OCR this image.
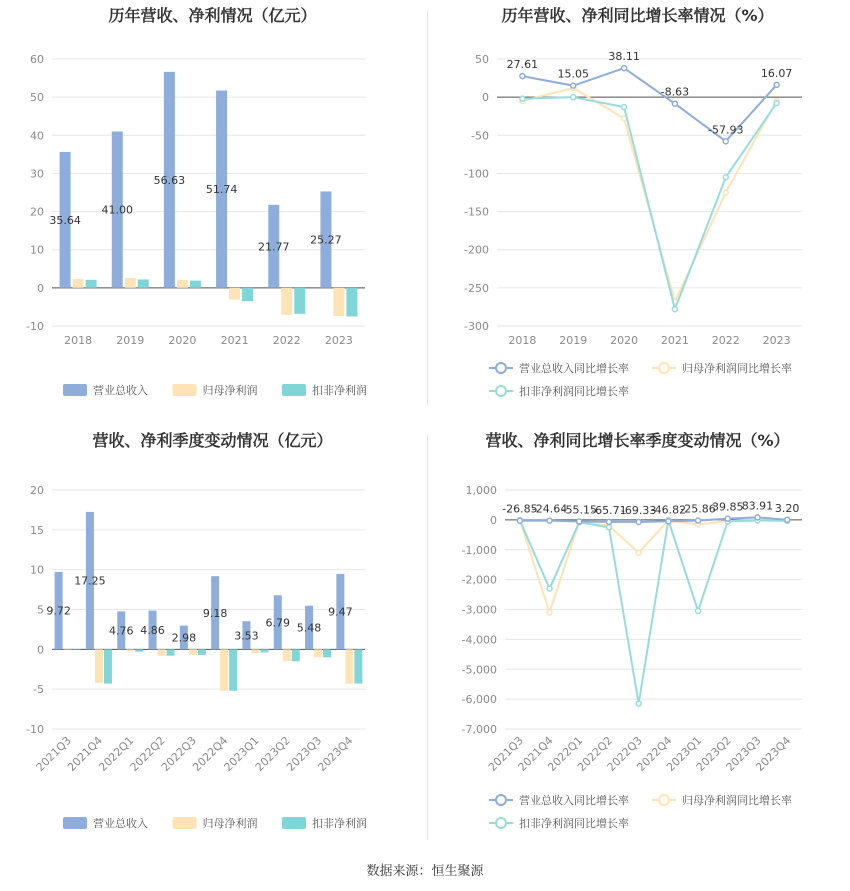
历年营收、净利情况（亿元）
-10
0
10
20
30
40
50
60
35.64
2018
41.00
2019
56.63
2020
51.74
2021
21.77
2022
25.27
2023
营业总收入	归母净利润	扣非净利润
历年营收、净利同比增长率情况（%）
-300
-250
-200
-150
-100
-50
0
50
2018 2019 2020 2021 2022 2023
27.61
15.05
38.11
-8.63
-57.93
16.07
营业总收入同比增长率	归母净利润同比增长率
扣非净利润同比增长率
营收、净利季度变动情况（亿元）
-10
-5
0
5
10
15
20
9.72
2021Q3
17.25
2021Q4
4.76
2022Q1
4.86
2022Q2
2.98
2022Q3
9.18
2022Q4
3.53
2023Q1
6.79
2023Q2
5.48
2023Q3
9.47
2023Q4
营业总收入	归母净利润	扣非净利润
营收、净利同比增长率季度变动情况（%）
-7,000
-6,000
-5,000
-4,000
-3,000
-2,000
-1,000
0
1,000
2021Q3
2021Q4
2022Q1
2022Q2
2022Q3
2022Q4
2023Q1
2023Q2
2023Q3
2023Q4
-26.85
-24.64
-55.15
-65.71
-69.33
-46.82
-25.86
39.85
83.91 3.20
营业总收入同比增长率	归母净利润同比增长率
扣非净利润同比增长率
数据来源：恒生聚源
